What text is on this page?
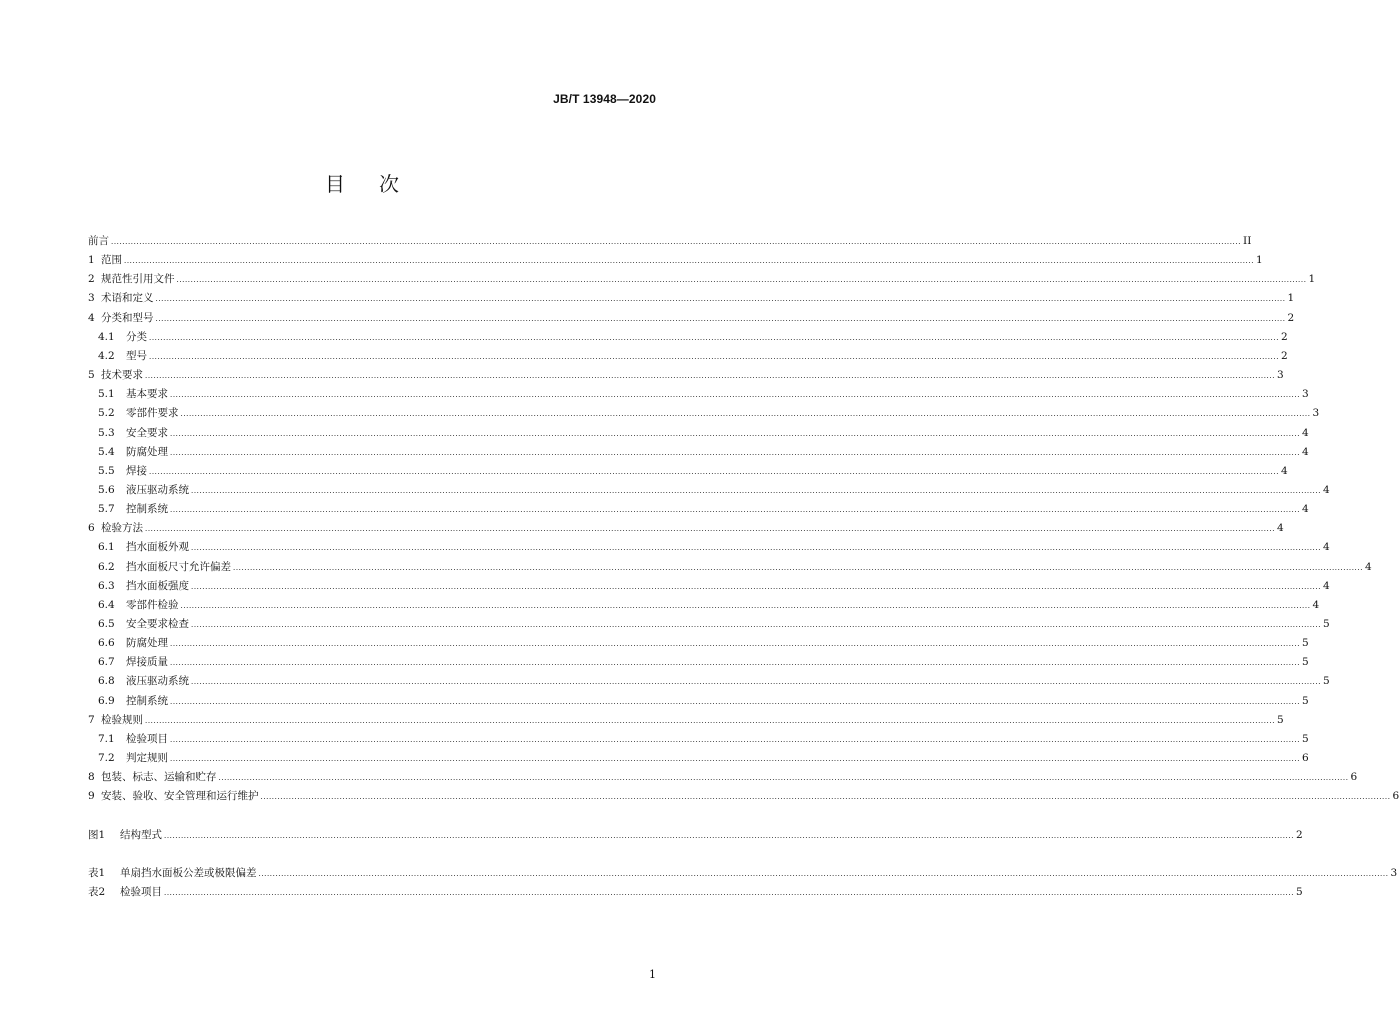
JB/T 13948—2020
目 次
前言 ................................................................................................................................................................................................................................................................................................................................................................................................................ II
1 范围 ................................................................................................................................................................................................................................................................................................................................................................................................................ 1
2 规范性引用文件 ................................................................................................................................................................................................................................................................................................................................................................................................................ 1
3 术语和定义 ................................................................................................................................................................................................................................................................................................................................................................................................................ 1
4 分类和型号 ................................................................................................................................................................................................................................................................................................................................................................................................................ 2
4.1	分类 ................................................................................................................................................................................................................................................................................................................................................................................................................ 2
4.2	型号 ................................................................................................................................................................................................................................................................................................................................................................................................................ 2
5 技术要求 ................................................................................................................................................................................................................................................................................................................................................................................................................ 3
5.1	基本要求 ................................................................................................................................................................................................................................................................................................................................................................................................................ 3
5.2	零部件要求 ................................................................................................................................................................................................................................................................................................................................................................................................................ 3
5.3	安全要求 ................................................................................................................................................................................................................................................................................................................................................................................................................ 4
5.4	防腐处理 ................................................................................................................................................................................................................................................................................................................................................................................................................ 4
5.5	焊接 ................................................................................................................................................................................................................................................................................................................................................................................................................ 4
5.6	液压驱动系统 ................................................................................................................................................................................................................................................................................................................................................................................................................ 4
5.7	控制系统 ................................................................................................................................................................................................................................................................................................................................................................................................................ 4
6 检验方法 ................................................................................................................................................................................................................................................................................................................................................................................................................ 4
6.1	挡水面板外观 ................................................................................................................................................................................................................................................................................................................................................................................................................ 4
6.2	挡水面板尺寸允许偏差 ................................................................................................................................................................................................................................................................................................................................................................................................................ 4
6.3	挡水面板强度 ................................................................................................................................................................................................................................................................................................................................................................................................................ 4
6.4	零部件检验 ................................................................................................................................................................................................................................................................................................................................................................................................................ 4
6.5	安全要求检查 ................................................................................................................................................................................................................................................................................................................................................................................................................ 5
6.6	防腐处理 ................................................................................................................................................................................................................................................................................................................................................................................................................ 5
6.7	焊接质量 ................................................................................................................................................................................................................................................................................................................................................................................................................ 5
6.8	液压驱动系统 ................................................................................................................................................................................................................................................................................................................................................................................................................ 5
6.9	控制系统 ................................................................................................................................................................................................................................................................................................................................................................................................................ 5
7 检验规则 ................................................................................................................................................................................................................................................................................................................................................................................................................ 5
7.1	检验项目 ................................................................................................................................................................................................................................................................................................................................................................................................................ 5
7.2	判定规则 ................................................................................................................................................................................................................................................................................................................................................................................................................ 6
8 包装、标志、运输和贮存 ................................................................................................................................................................................................................................................................................................................................................................................................................ 6
9 安装、验收、安全管理和运行维护 ................................................................................................................................................................................................................................................................................................................................................................................................................ 6
图1	结构型式 ................................................................................................................................................................................................................................................................................................................................................................................................................ 2
表1	单扇挡水面板公差或极限偏差 ................................................................................................................................................................................................................................................................................................................................................................................................................ 3
表2	检验项目 ................................................................................................................................................................................................................................................................................................................................................................................................................ 5
1
